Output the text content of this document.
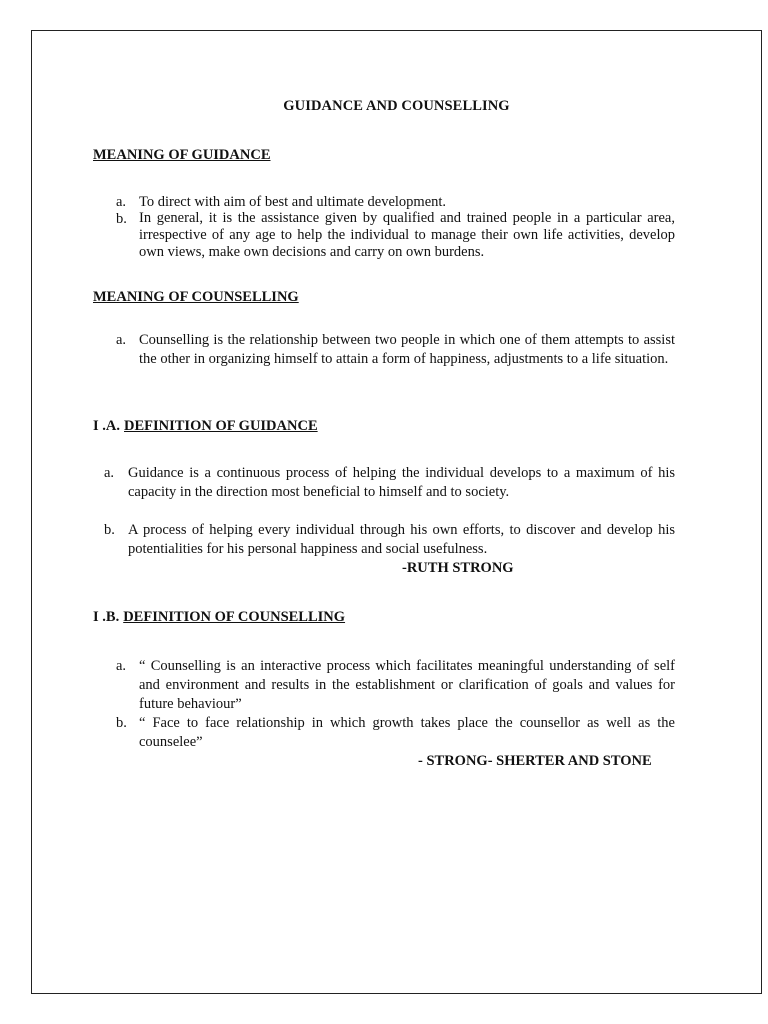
GUIDANCE AND COUNSELLING
MEANING OF GUIDANCE
a. To direct with aim of best and ultimate development.
b. In general, it is the assistance given by qualified and trained people in a particular area, irrespective of any age to help the individual to manage their own life activities, develop own views, make own decisions and carry on own burdens.
MEANING OF COUNSELLING
a. Counselling is the relationship between two people in which one of them attempts to assist the other in organizing himself to attain a form of happiness, adjustments to a life situation.
I .A. DEFINITION OF GUIDANCE
a. Guidance is a continuous process of helping the individual develops to a maximum of his capacity in the direction most beneficial to himself and to society.
b. A process of helping every individual through his own efforts, to discover and develop his potentialities for his personal happiness and social usefulness.
-RUTH STRONG
I .B. DEFINITION OF COUNSELLING
a. “ Counselling is an interactive process which facilitates meaningful understanding of self and environment and results in the establishment or clarification of goals and values for future behaviour”
b. “ Face to face relationship in which growth takes place the counsellor as well as the counselee”
- STRONG- SHERTER AND STONE
